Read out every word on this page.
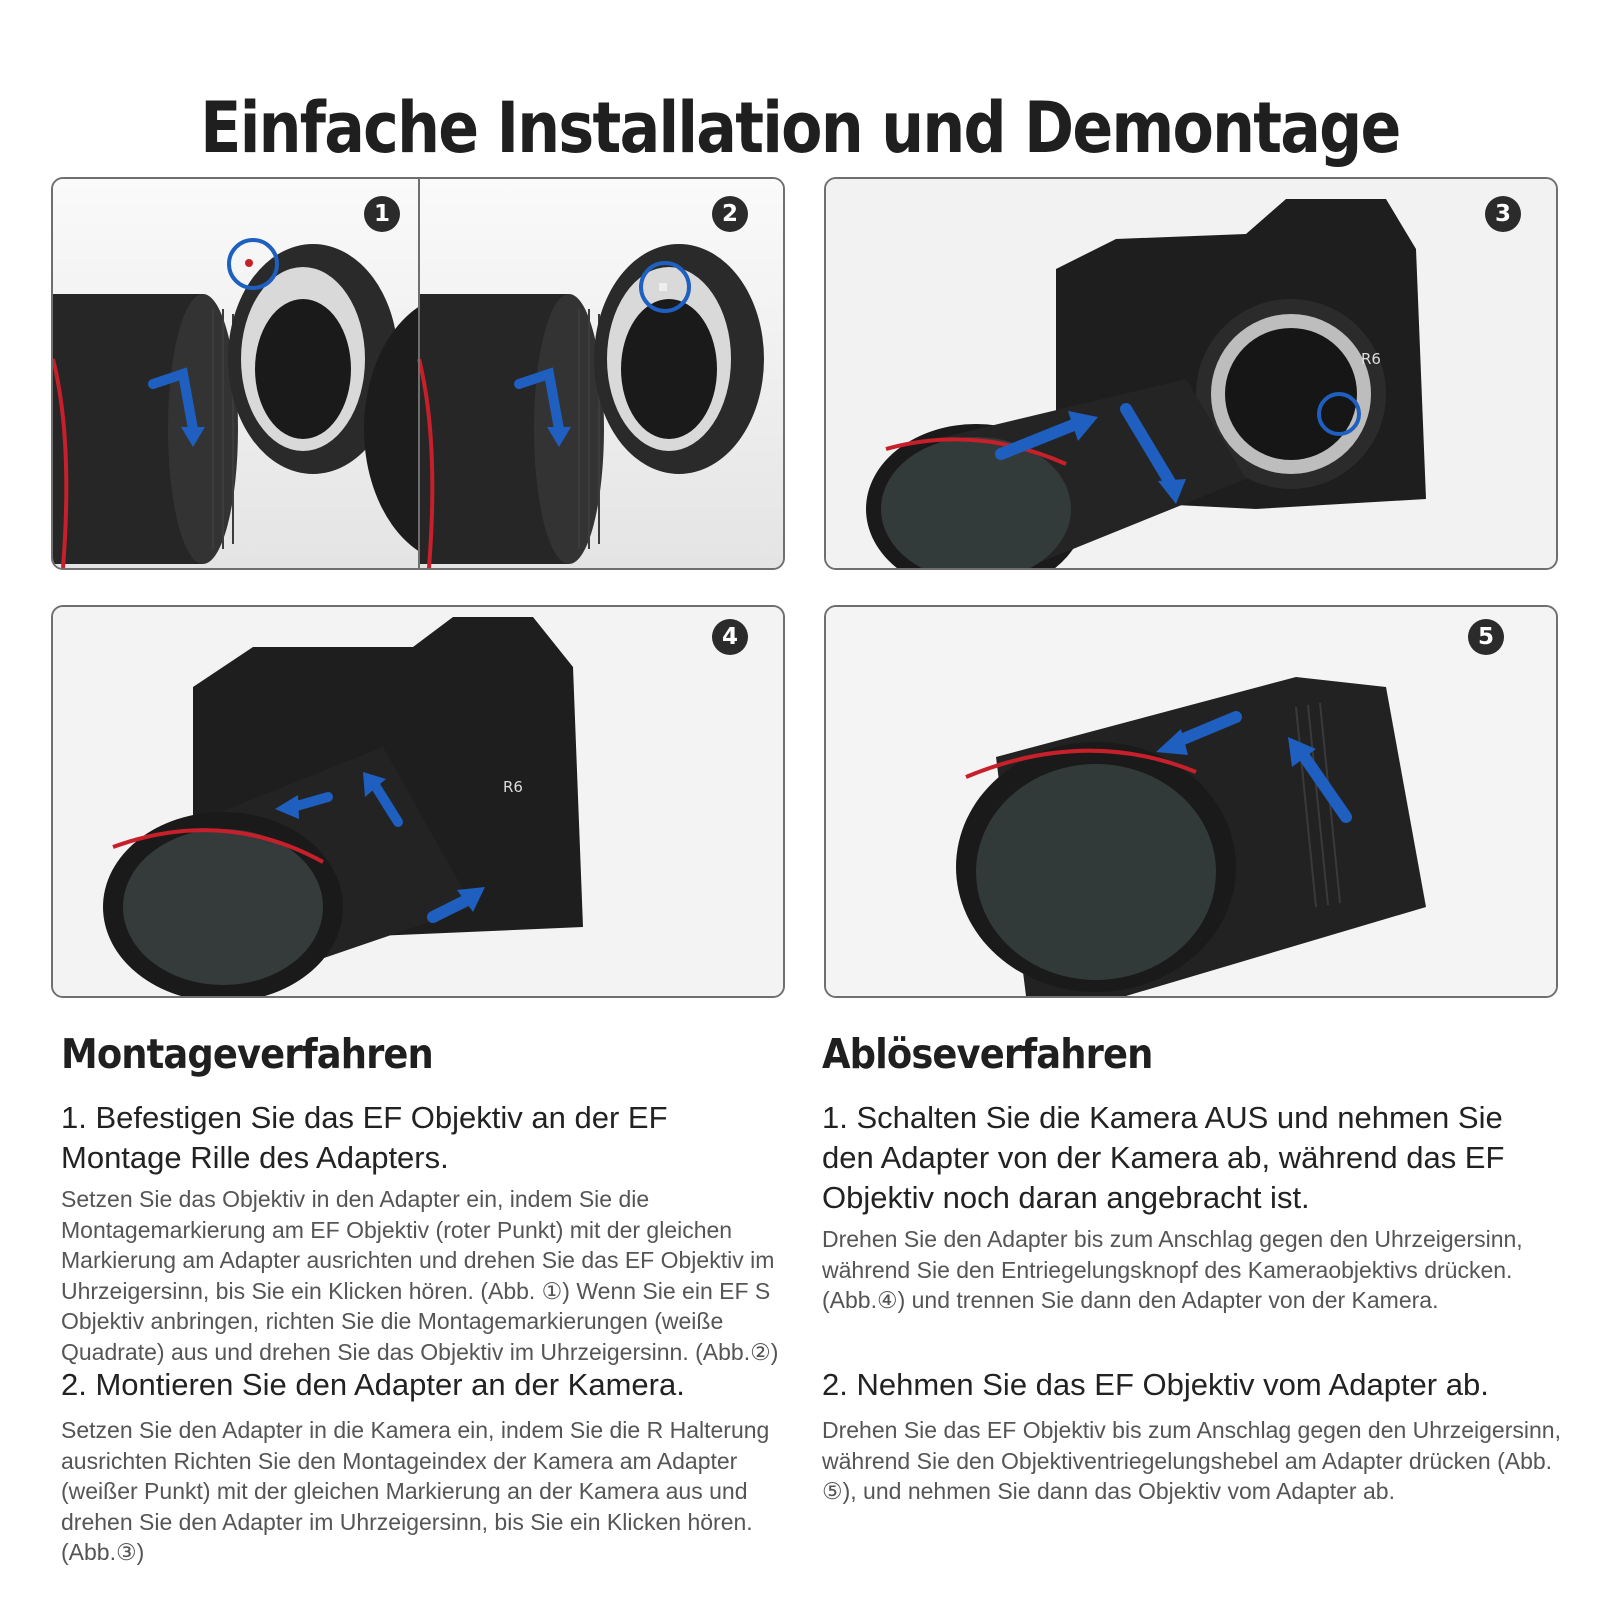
Einfache Installation und Demontage
1	2
R6
3
R6
4	5
Montageverfahren

1. Befestigen Sie das EF Objektiv an der EF Montage Rille des Adapters.

Setzen Sie das Objektiv in den Adapter ein, indem Sie die Montagemarkierung am EF Objektiv (roter Punkt) mit der gleichen Markierung am Adapter ausrichten und drehen Sie das EF Objektiv im Uhrzeigersinn, bis Sie ein Klicken hören. (Abb. ①) Wenn Sie ein EF S Objektiv anbringen, richten Sie die Montagemarkierungen (weiße Quadrate) aus und drehen Sie das Objektiv im Uhrzeigersinn. (Abb.②)

2. Montieren Sie den Adapter an der Kamera.

Setzen Sie den Adapter in die Kamera ein, indem Sie die R Halterung ausrichten Richten Sie den Montageindex der Kamera am Adapter (weißer Punkt) mit der gleichen Markierung an der Kamera aus und drehen Sie den Adapter im Uhrzeigersinn, bis Sie ein Klicken hören. (Abb.③)

Ablöseverfahren

1. Schalten Sie die Kamera AUS und nehmen Sie den Adapter von der Kamera ab, während das EF Objektiv noch daran angebracht ist.

Drehen Sie den Adapter bis zum Anschlag gegen den Uhrzeigersinn, während Sie den Entriegelungsknopf des Kameraobjektivs drücken. (Abb.④) und trennen Sie dann den Adapter von der Kamera.

2. Nehmen Sie das EF Objektiv vom Adapter ab.

Drehen Sie das EF Objektiv bis zum Anschlag gegen den Uhrzeigersinn, während Sie den Objektiventriegelungshebel am Adapter drücken (Abb. ⑤), und nehmen Sie dann das Objektiv vom Adapter ab.
